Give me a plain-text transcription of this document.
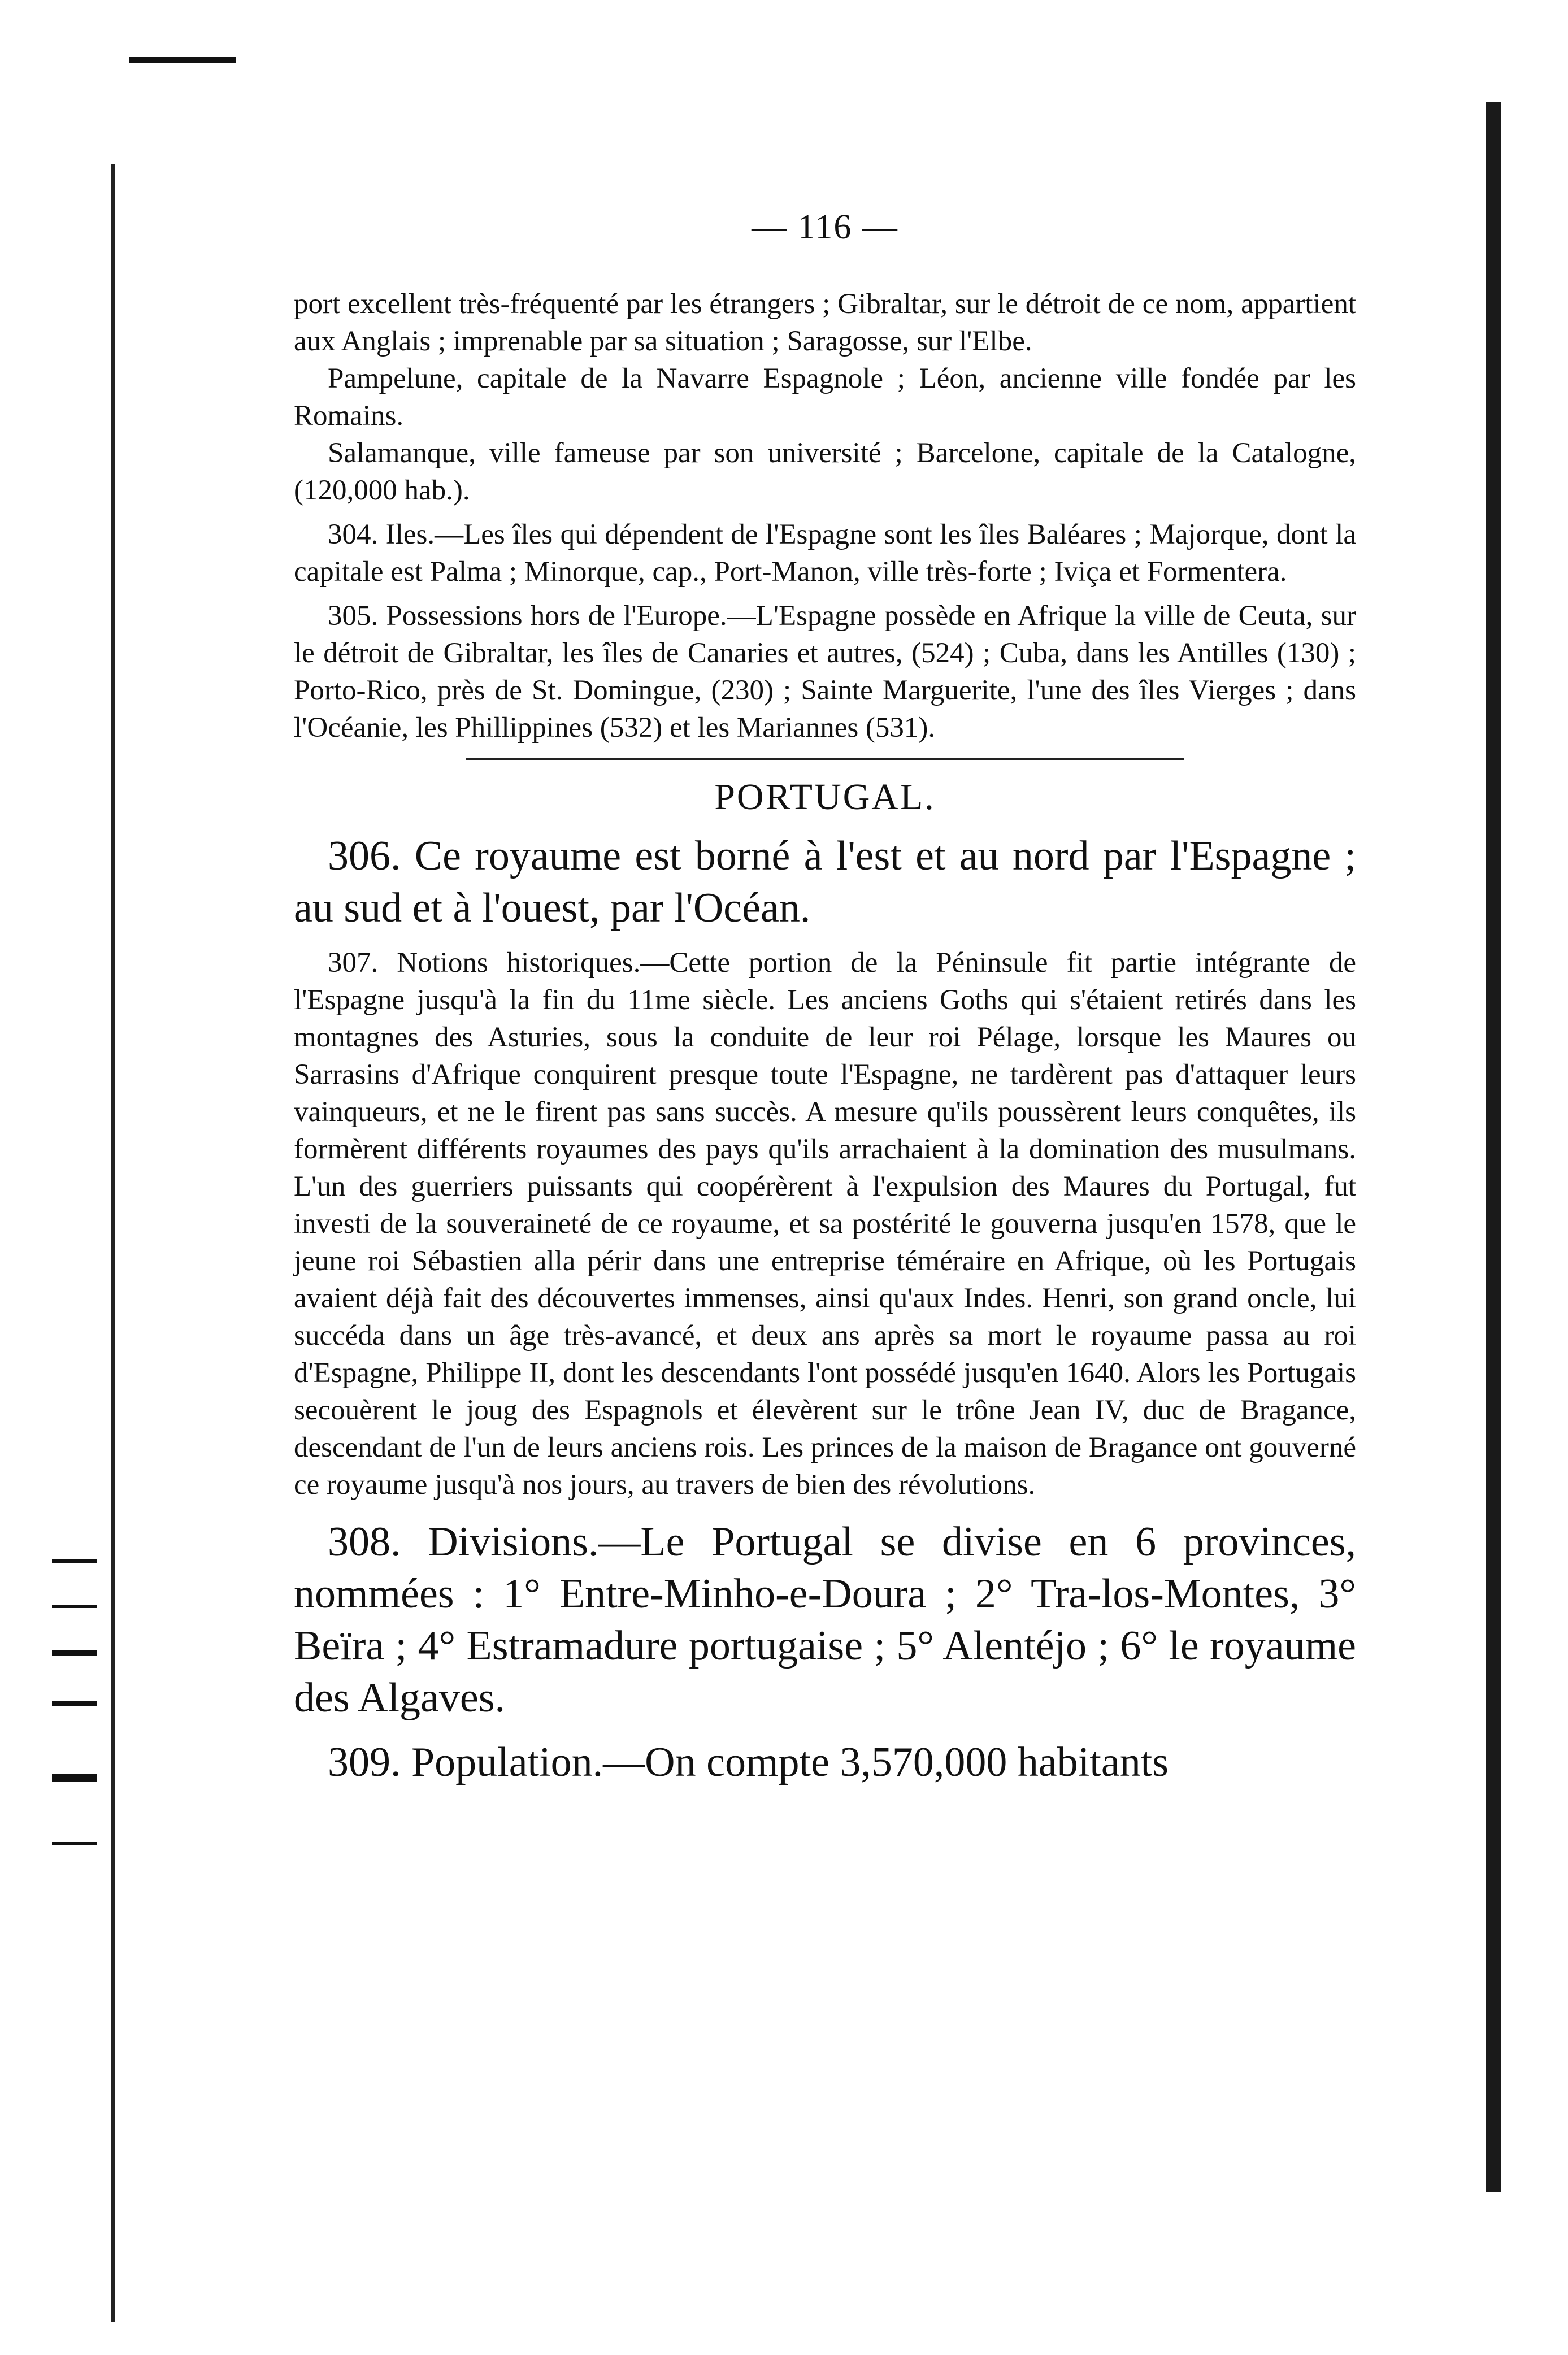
— 116 —

port excellent très-fréquenté par les étrangers ; Gibraltar, sur le détroit de ce nom, appartient aux Anglais ; imprenable par sa situation ; Saragosse, sur l'Elbe.

Pampelune, capitale de la Navarre Espagnole ; Léon, ancienne ville fondée par les Romains.

Salamanque, ville fameuse par son université ; Barcelone, capitale de la Catalogne, (120,000 hab.).

304. Iles.—Les îles qui dépendent de l'Espagne sont les îles Baléares ; Majorque, dont la capitale est Palma ; Minorque, cap., Port-Manon, ville très-forte ; Iviça et Formentera.

305. Possessions hors de l'Europe.—L'Espagne possède en Afrique la ville de Ceuta, sur le détroit de Gibraltar, les îles de Canaries et autres, (524) ; Cuba, dans les Antilles (130) ; Porto-Rico, près de St. Domingue, (230) ; Sainte Marguerite, l'une des îles Vierges ; dans l'Océanie, les Phillippines (532) et les Mariannes (531).

PORTUGAL.

306. Ce royaume est borné à l'est et au nord par l'Espagne ; au sud et à l'ouest, par l'Océan.

307. Notions historiques.—Cette portion de la Péninsule fit partie intégrante de l'Espagne jusqu'à la fin du 11me siècle. Les anciens Goths qui s'étaient retirés dans les montagnes des Asturies, sous la conduite de leur roi Pélage, lorsque les Maures ou Sarrasins d'Afrique conquirent presque toute l'Espagne, ne tardèrent pas d'attaquer leurs vainqueurs, et ne le firent pas sans succès. A mesure qu'ils poussèrent leurs conquêtes, ils formèrent différents royaumes des pays qu'ils arrachaient à la domination des musulmans. L'un des guerriers puissants qui coopérèrent à l'expulsion des Maures du Portugal, fut investi de la souveraineté de ce royaume, et sa postérité le gouverna jusqu'en 1578, que le jeune roi Sébastien alla périr dans une entreprise téméraire en Afrique, où les Portugais avaient déjà fait des découvertes immenses, ainsi qu'aux Indes. Henri, son grand oncle, lui succéda dans un âge très-avancé, et deux ans après sa mort le royaume passa au roi d'Espagne, Philippe II, dont les descendants l'ont possédé jusqu'en 1640. Alors les Portugais secouèrent le joug des Espagnols et élevèrent sur le trône Jean IV, duc de Bragance, descendant de l'un de leurs anciens rois. Les princes de la maison de Bragance ont gouverné ce royaume jusqu'à nos jours, au travers de bien des révolutions.

308. Divisions.—Le Portugal se divise en 6 provinces, nommées : 1° Entre-Minho-e-Doura ; 2° Tra-los-Montes, 3° Beïra ; 4° Estramadure portugaise ; 5° Alentéjo ; 6° le royaume des Algaves.

309. Population.—On compte 3,570,000 habitants
